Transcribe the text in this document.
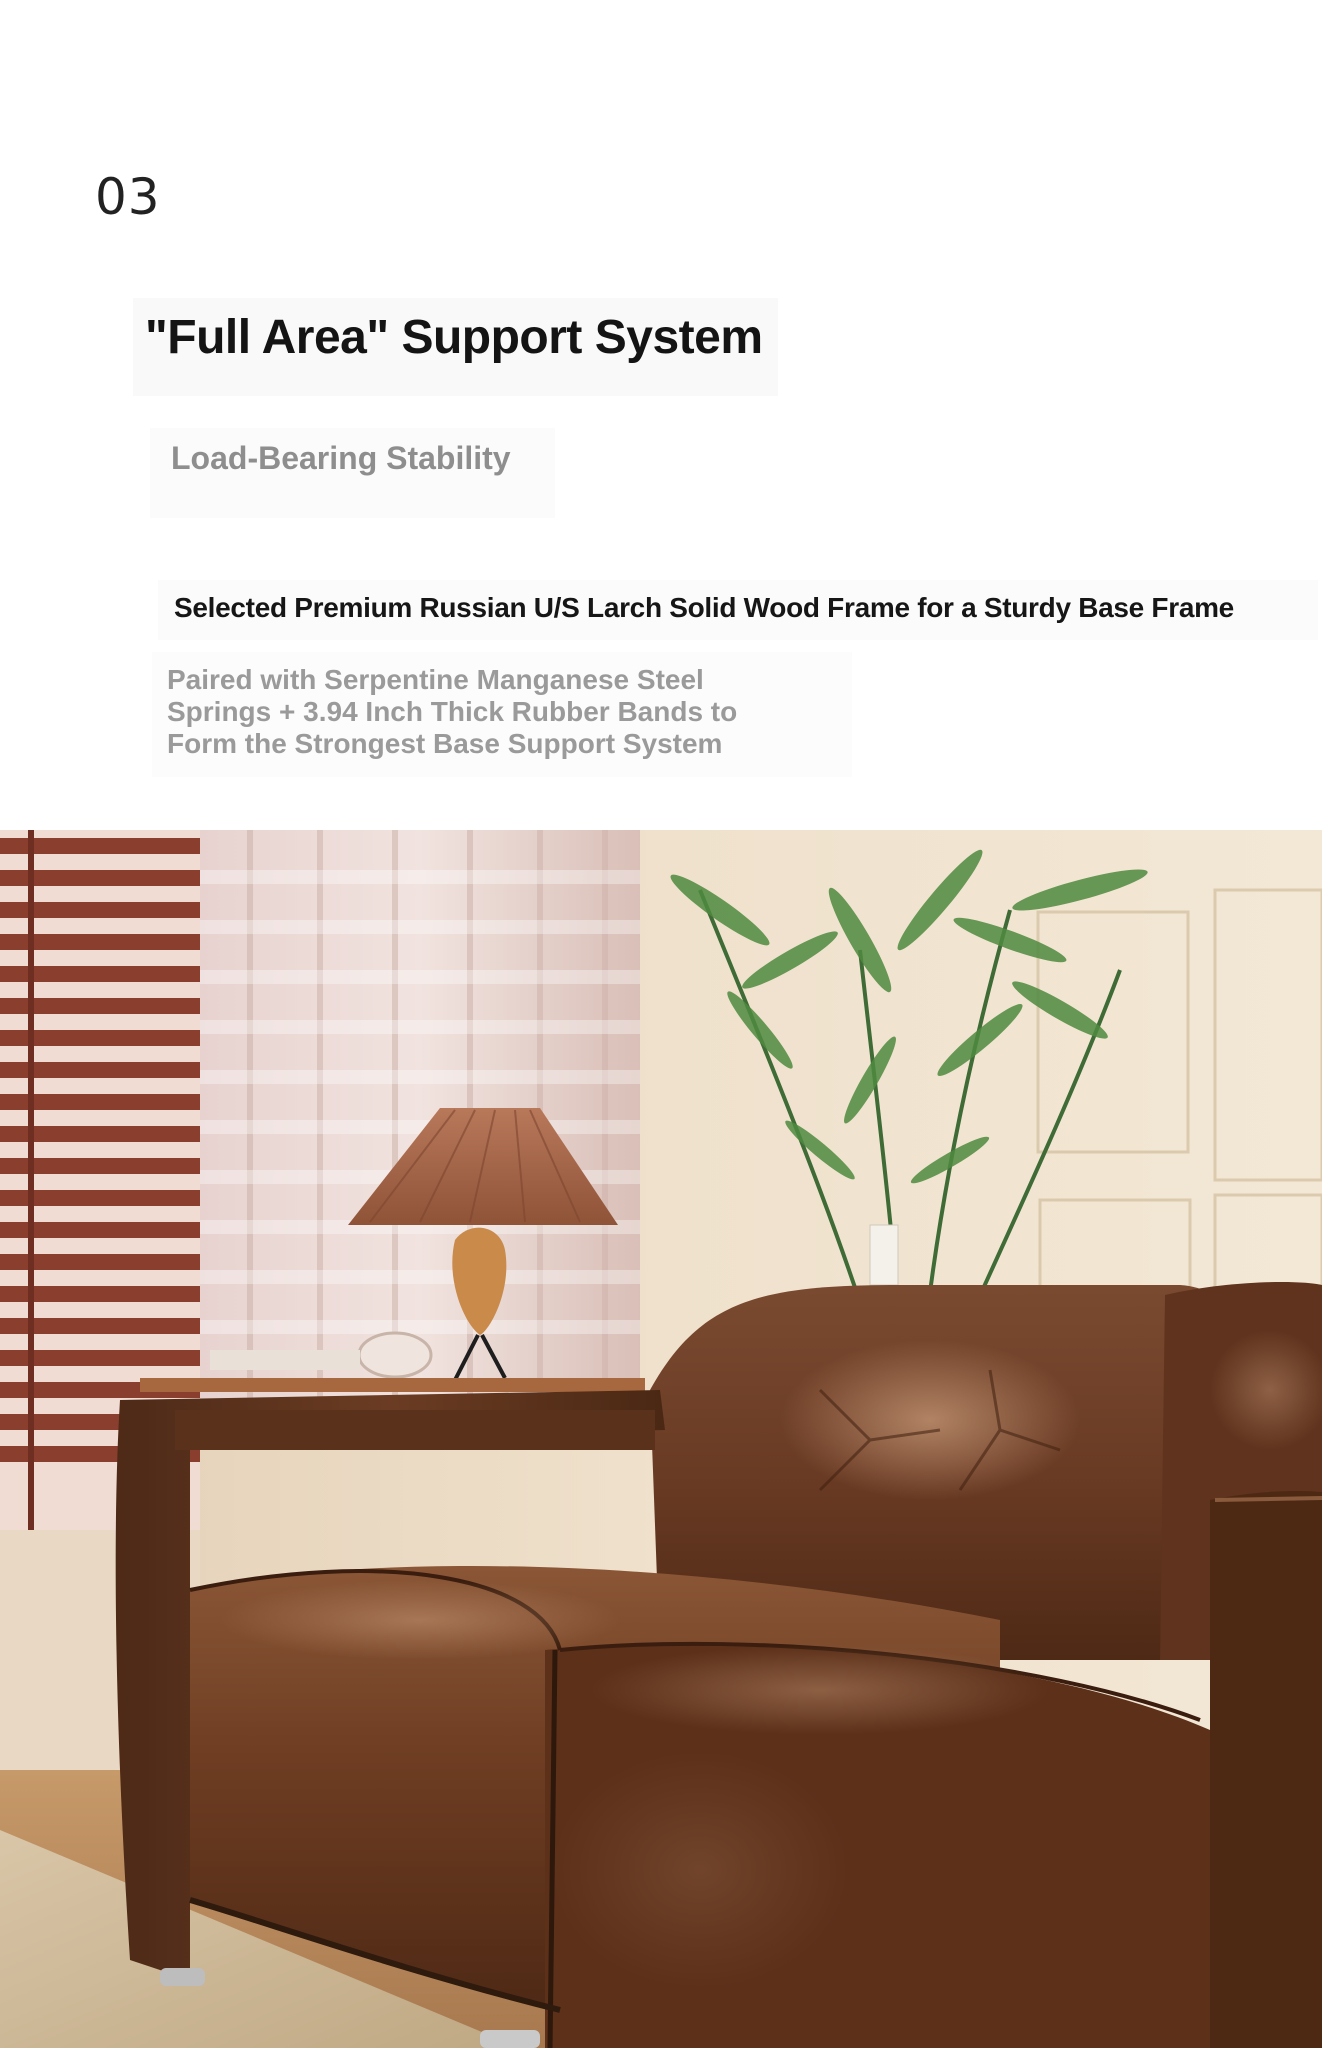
03
"Full Area" Support System
Load-Bearing Stability
Selected Premium Russian U/S Larch Solid Wood Frame for a Sturdy Base Frame
Paired with Serpentine Manganese Steel Springs + 3.94 Inch Thick Rubber Bands to Form the Strongest Base Support System
